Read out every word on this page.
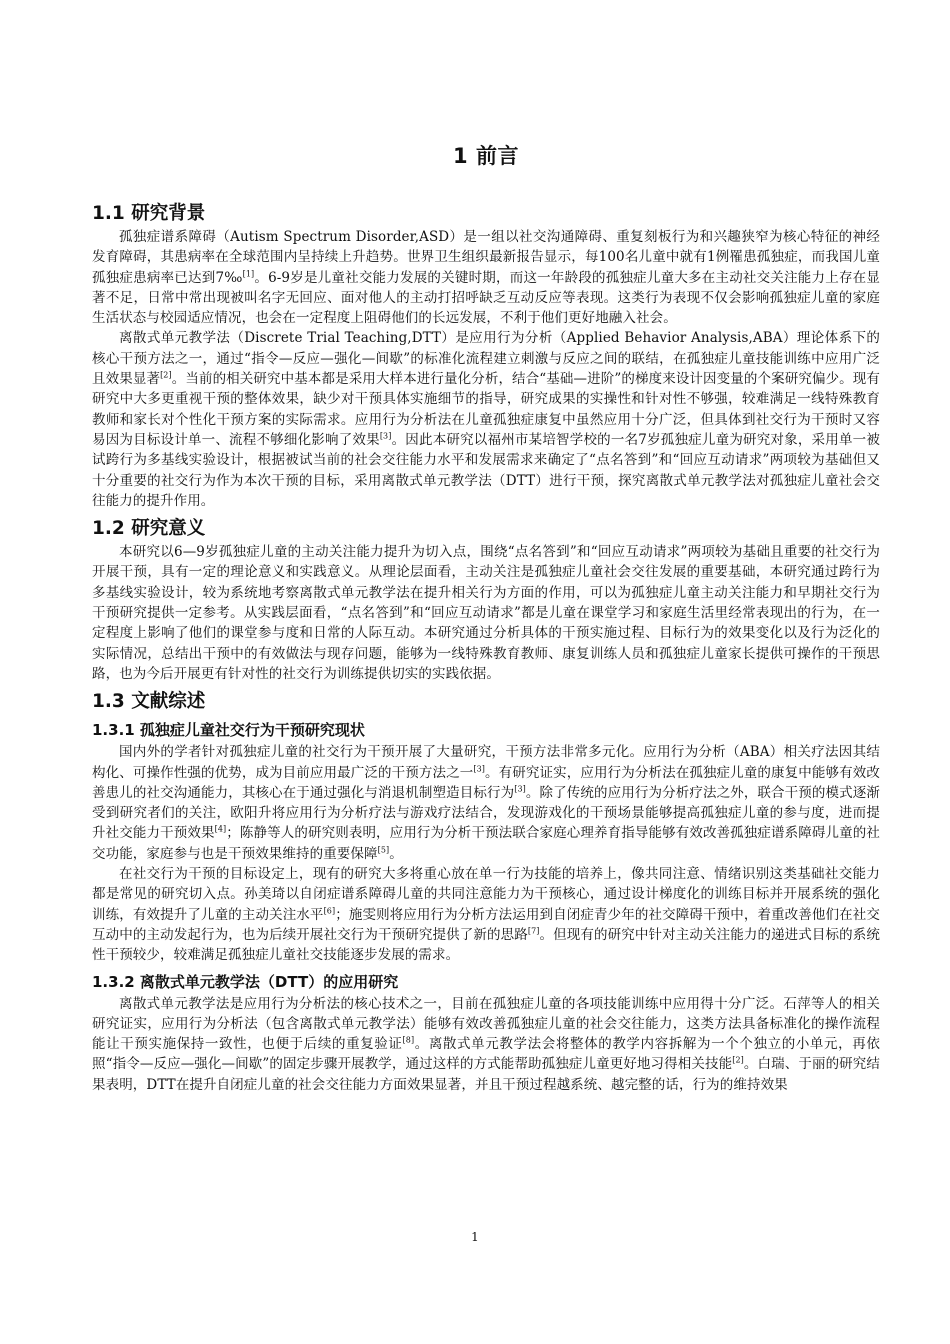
1 前言
1.1 研究背景

孤独症谱系障碍（Autism Spectrum Disorder,ASD）是一组以社交沟通障碍、重复刻板行为和兴趣狭窄为核心特征的神经发育障碍，其患病率在全球范围内呈持续上升趋势。世界卫生组织最新报告显示，每100名儿童中就有1例罹患孤独症，而我国儿童孤独症患病率已达到7‰[1]。6-9岁是儿童社交能力发展的关键时期，而这一年龄段的孤独症儿童大多在主动社交关注能力上存在显著不足，日常中常出现被叫名字无回应、面对他人的主动打招呼缺乏互动反应等表现。这类行为表现不仅会影响孤独症儿童的家庭生活状态与校园适应情况，也会在一定程度上阻碍他们的长远发展，不利于他们更好地融入社会。

离散式单元教学法（Discrete Trial Teaching,DTT）是应用行为分析（Applied Behavior Analysis,ABA）理论体系下的核心干预方法之一，通过“指令—反应—强化—间歇”的标准化流程建立刺激与反应之间的联结，在孤独症儿童技能训练中应用广泛且效果显著[2]。当前的相关研究中基本都是采用大样本进行量化分析，结合“基础—进阶”的梯度来设计因变量的个案研究偏少。现有研究中大多更重视干预的整体效果，缺少对干预具体实施细节的指导，研究成果的实操性和针对性不够强，较难满足一线特殊教育教师和家长对个性化干预方案的实际需求。应用行为分析法在儿童孤独症康复中虽然应用十分广泛，但具体到社交行为干预时又容易因为目标设计单一、流程不够细化影响了效果[3]。因此本研究以福州市某培智学校的一名7岁孤独症儿童为研究对象，采用单一被试跨行为多基线实验设计，根据被试当前的社会交往能力水平和发展需求来确定了“点名答到”和“回应互动请求”两项较为基础但又十分重要的社交行为作为本次干预的目标，采用离散式单元教学法（DTT）进行干预，探究离散式单元教学法对孤独症儿童社会交往能力的提升作用。

1.2 研究意义

本研究以6—9岁孤独症儿童的主动关注能力提升为切入点，围绕“点名答到”和“回应互动请求”两项较为基础且重要的社交行为开展干预，具有一定的理论意义和实践意义。从理论层面看，主动关注是孤独症儿童社会交往发展的重要基础，本研究通过跨行为多基线实验设计，较为系统地考察离散式单元教学法在提升相关行为方面的作用，可以为孤独症儿童主动关注能力和早期社交行为干预研究提供一定参考。从实践层面看，“点名答到”和“回应互动请求”都是儿童在课堂学习和家庭生活里经常表现出的行为，在一定程度上影响了他们的课堂参与度和日常的人际互动。本研究通过分析具体的干预实施过程、目标行为的效果变化以及行为泛化的实际情况，总结出干预中的有效做法与现存问题，能够为一线特殊教育教师、康复训练人员和孤独症儿童家长提供可操作的干预思路，也为今后开展更有针对性的社交行为训练提供切实的实践依据。

1.3 文献综述
1.3.1 孤独症儿童社交行为干预研究现状

国内外的学者针对孤独症儿童的社交行为干预开展了大量研究，干预方法非常多元化。应用行为分析（ABA）相关疗法因其结构化、可操作性强的优势，成为目前应用最广泛的干预方法之一[3]。有研究证实，应用行为分析法在孤独症儿童的康复中能够有效改善患儿的社交沟通能力，其核心在于通过强化与消退机制塑造目标行为[3]。除了传统的应用行为分析疗法之外，联合干预的模式逐渐受到研究者们的关注，欧阳升将应用行为分析疗法与游戏疗法结合，发现游戏化的干预场景能够提高孤独症儿童的参与度，进而提升社交能力干预效果[4]；陈静等人的研究则表明，应用行为分析干预法联合家庭心理养育指导能够有效改善孤独症谱系障碍儿童的社交功能，家庭参与也是干预效果维持的重要保障[5]。

在社交行为干预的目标设定上，现有的研究大多将重心放在单一行为技能的培养上，像共同注意、情绪识别这类基础社交能力都是常见的研究切入点。孙美琦以自闭症谱系障碍儿童的共同注意能力为干预核心，通过设计梯度化的训练目标并开展系统的强化训练，有效提升了儿童的主动关注水平[6]；施雯则将应用行为分析方法运用到自闭症青少年的社交障碍干预中，着重改善他们在社交互动中的主动发起行为，也为后续开展社交行为干预研究提供了新的思路[7]。但现有的研究中针对主动关注能力的递进式目标的系统性干预较少，较难满足孤独症儿童社交技能逐步发展的需求。

1.3.2 离散式单元教学法（DTT）的应用研究

离散式单元教学法是应用行为分析法的核心技术之一，目前在孤独症儿童的各项技能训练中应用得十分广泛。石萍等人的相关研究证实，应用行为分析法（包含离散式单元教学法）能够有效改善孤独症儿童的社会交往能力，这类方法具备标准化的操作流程能让干预实施保持一致性，也便于后续的重复验证[8]。离散式单元教学法会将整体的教学内容拆解为一个个独立的小单元，再依照“指令—反应—强化—间歇”的固定步骤开展教学，通过这样的方式能帮助孤独症儿童更好地习得相关技能[2]。白瑞、于丽的研究结果表明，DTT在提升自闭症儿童的社会交往能力方面效果显著，并且干预过程越系统、越完整的话，行为的维持效果

1
